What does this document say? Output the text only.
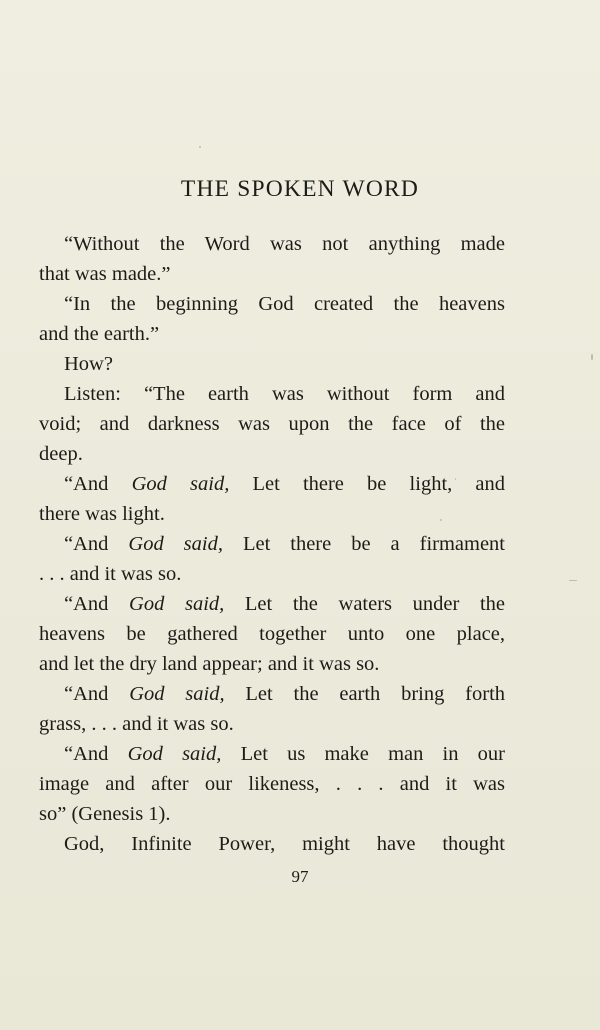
THE SPOKEN WORD
“Without the Word was not anything made
that was made.”
“In the beginning God created the heavens
and the earth.”
How?
Listen: “The earth was without form and
void; and darkness was upon the face of the
deep.
“And God said, Let there be light, and
there was light.
“And God said, Let there be a firmament
. . . and it was so.
“And God said, Let the waters under the
heavens be gathered together unto one place,
and let the dry land appear; and it was so.
“And God said, Let the earth bring forth
grass, . . . and it was so.
“And God said, Let us make man in our
image and after our likeness, . . . and it was
so” (Genesis 1).
God, Infinite Power, might have thought
97
